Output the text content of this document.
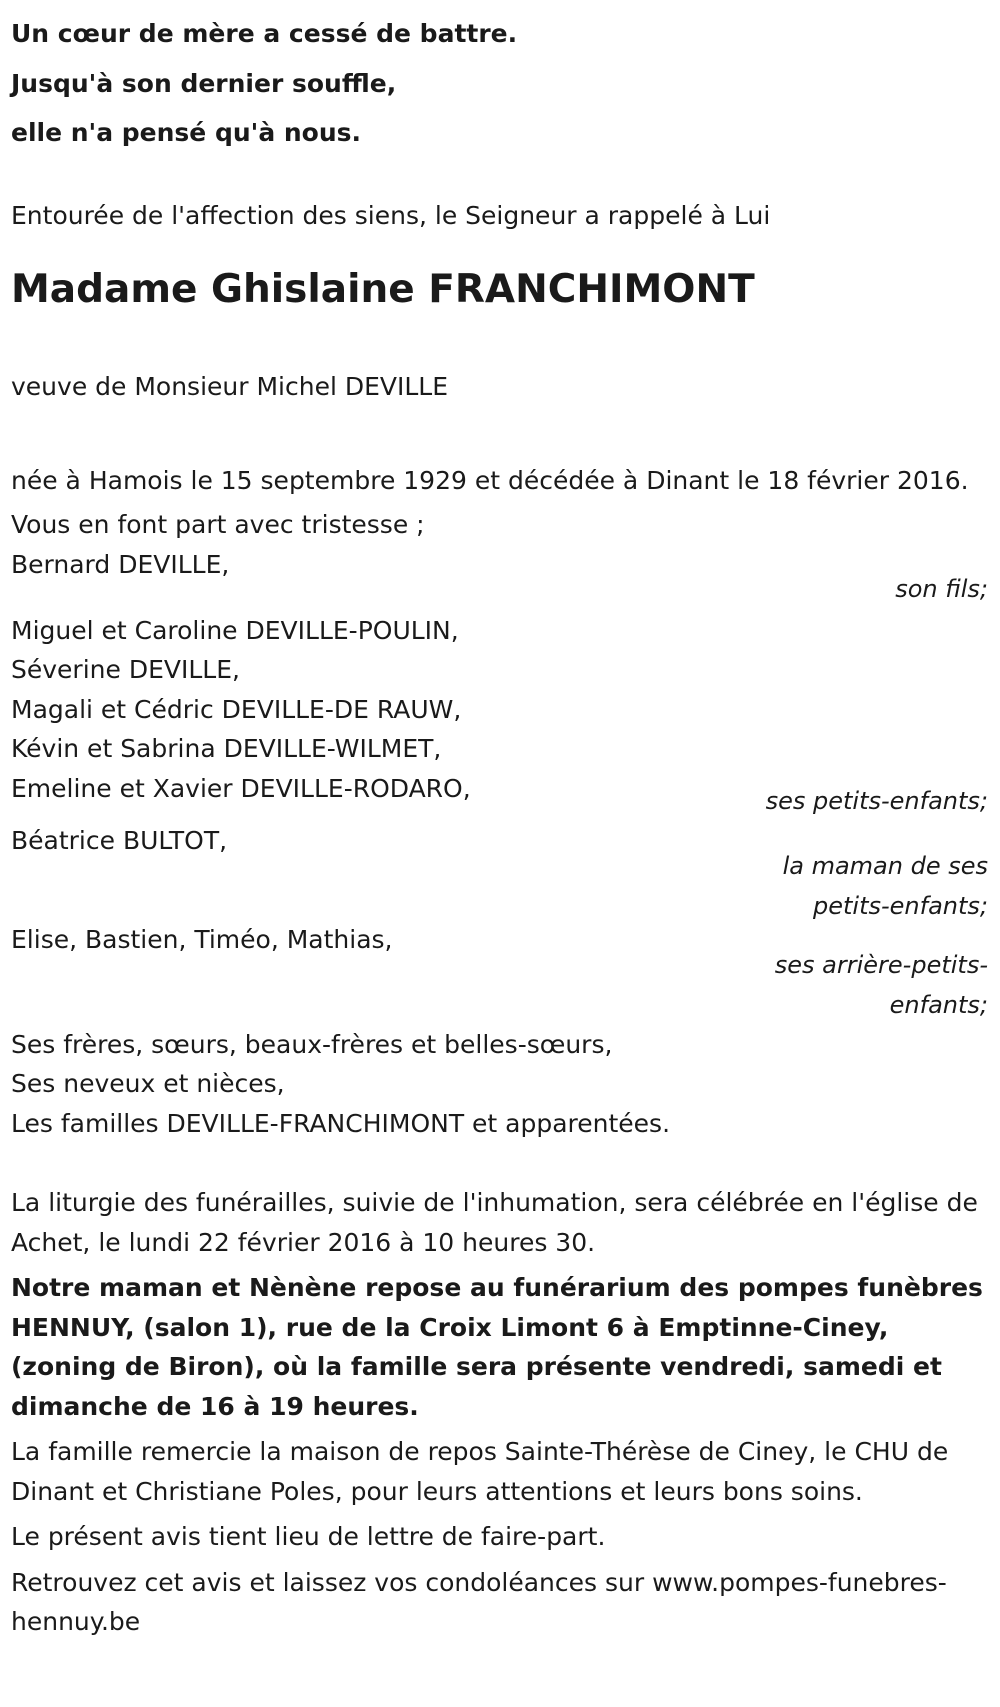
Un cœur de mère a cessé de battre.

Jusqu'à son dernier souffle,

elle n'a pensé qu'à nous.

Entourée de l'affection des siens, le Seigneur a rappelé à Lui

Madame Ghislaine FRANCHIMONT

veuve de Monsieur Michel DEVILLE

née à Hamois le 15 septembre 1929 et décédée à Dinant le 18 février 2016.

Vous en font part avec tristesse ;

Bernard DEVILLE,
son fils;
Miguel et Caroline DEVILLE-POULIN,
Séverine DEVILLE,
Magali et Cédric DEVILLE-DE RAUW,
Kévin et Sabrina DEVILLE-WILMET,
Emeline et Xavier DEVILLE-RODARO,	ses petits-enfants;
Béatrice BULTOT,
la maman de ses petits-enfants;
Elise, Bastien, Timéo, Mathias,
ses arrière-petits-enfants;
Ses frères, sœurs, beaux-frères et belles-sœurs,
Ses neveux et nièces,
Les familles DEVILLE-FRANCHIMONT et apparentées.

La liturgie des funérailles, suivie de l'inhumation, sera célébrée en l'église de Achet, le lundi 22 février 2016 à 10 heures 30.

Notre maman et Nènène repose au funérarium des pompes funèbres HENNUY, (salon 1), rue de la Croix Limont 6 à Emptinne-Ciney, (zoning de Biron), où la famille sera présente vendredi, samedi et dimanche de 16 à 19 heures.

La famille remercie la maison de repos Sainte-Thérèse de Ciney, le CHU de Dinant et Christiane Poles, pour leurs attentions et leurs bons soins.

Le présent avis tient lieu de lettre de faire-part.

Retrouvez cet avis et laissez vos condoléances sur www.pompes-funebres-hennuy.be
